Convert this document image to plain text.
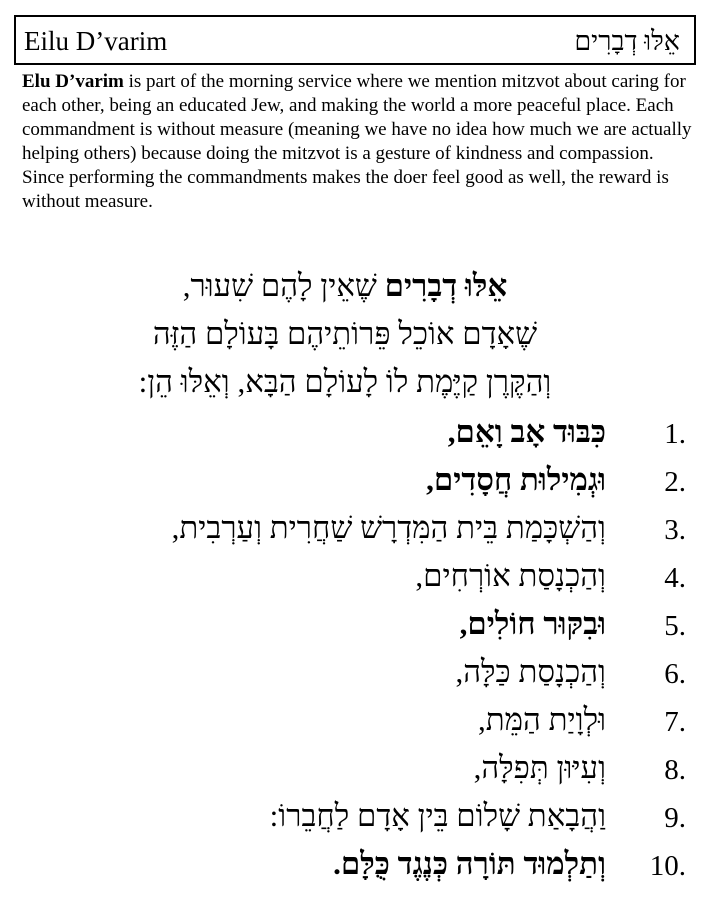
Eilu D’varim	אֵלּוּ דְבָרִים

Elu D’varim is part of the morning service where we mention mitzvot about caring for each other, being an educated Jew, and making the world a more peaceful place. Each commandment is without measure (meaning we have no idea how much we are actually helping others) because doing the mitzvot is a gesture of kindness and compassion. Since performing the commandments makes the doer feel good as well, the reward is without measure.

אֵלּוּ דְבָרִים שֶׁאֵין לָהֶם שִׁעוּר,
שֶׁאָדָם אוֹכֵל פֵּרוֹתֵיהֶם בָּעוֹלָם הַזֶּה
וְהַקֶּרֶן קַיֶּמֶת לוֹ לָעוֹלָם הַבָּא, וְאֵלּוּ הֵן:
1.
כִּבּוּד אָב וָאֵם,
2.
וּגְמִילוּת חֲסָדִים,
3.
וְהַשְׁכָּמַת בֵּית הַמִּדְרָשׁ שַׁחֲרִית וְעַרְבִית,
4.
וְהַכְנָסַת אוֹרְחִים,
5.
וּבִקּוּר חוֹלִים,
6.
וְהַכְנָסַת כַּלָּה,
7.
וּלְוָיַת הַמֵּת,
8.
וְעִיּוּן תְּפִלָּה,
9.
וַהֲבָאַת שָׁלוֹם בֵּין אָדָם לַחֲבֵרוֹ:
10.
וְתַלְמוּד תּוֹרָה כְּנֶגֶד כֻּלָּם.
